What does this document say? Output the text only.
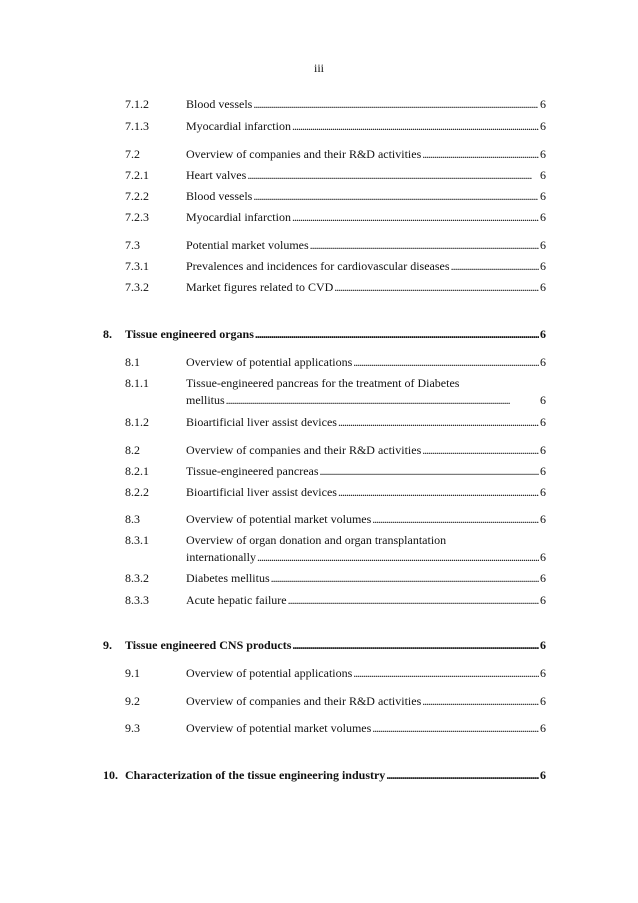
iii
7.1.2	Blood vessels . . .	6
7.1.3	Myocardial infarction . . .	6
7.2	Overview of companies and their R&D activities . . .	6
7.2.1	Heart valves . . .	6
7.2.2	Blood vessels . . .	6
7.2.3	Myocardial infarction . . .	6
7.3	Potential market volumes . . .	6
7.3.1	Prevalences and incidences for cardiovascular diseases . . .	6
7.3.2	Market figures related to CVD . . .	6
8. Tissue engineered organs . . .	6
8.1	Overview of potential applications . . .	6
8.1.1	Tissue-engineered pancreas for the treatment of Diabetes
mellitus . . .	6
8.1.2	Bioartificial liver assist devices . . .	6
8.2	Overview of companies and their R&D activities . . .	6
8.2.1	Tissue-engineered pancreas . . .	6
8.2.2	Bioartificial liver assist devices . . .	6
8.3	Overview of potential market volumes . . .	6
8.3.1	Overview of organ donation and organ transplantation
internationally . . .	6
8.3.2	Diabetes mellitus . . .	6
8.3.3	Acute hepatic failure . . .	6
9. Tissue engineered CNS products . . .	6
9.1	Overview of potential applications . . .	6
9.2	Overview of companies and their R&D activities . . .	6
9.3	Overview of potential market volumes . . .	6
10. Characterization of the tissue engineering industry . . .	6
